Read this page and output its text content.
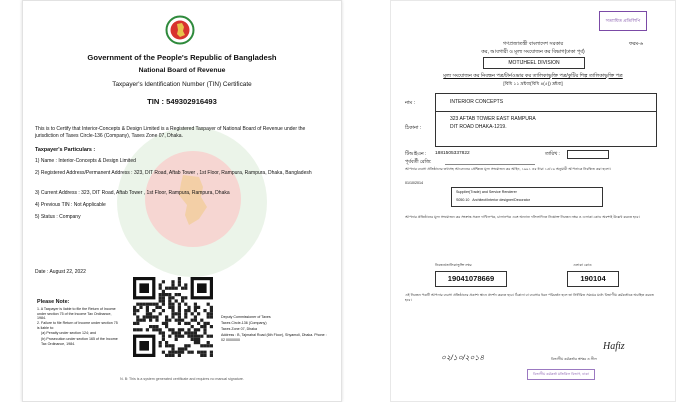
Government of the People's Republic of Bangladesh
National Board of Revenue
Taxpayer's Identification Number (TIN) Certificate
TIN : 549302916493
This is to Certify that Interior-Concepts & Design Limited is a Registered Taxpayer of National Board of Revenue under the jurisdiction of Taxes Circle-136 (Company), Taxes Zone 07, Dhaka.
Taxpayer's Particulars :
1) Name : Interior-Concepts & Design Limited
2) Registered Address/Permanent Address : 323, DIT Road, Aftab Tower , 1st Floor, Rampura, Rampura, Dhaka, Bangladesh
3) Current Address : 323, DIT Road, Aftab Tower , 1st Floor, Rampura, Rampura, Dhaka
4) Previous TIN : Not Applicable
5) Status : Company
Date : August 22, 2022
Please Note:
1. A Taxpayer is liable to file the Return of Income under section 75 of the Income Tax Ordinance, 1984.
2. Failure to file Return of Income under section 75 is liable to:
(a) Penalty under section 124; and
(b) Prosecution under section 165 of the Income Tax Ordinance, 1984.
Deputy Commissioner of Taxes
Taxes Circle-136 (Company)
Taxes Zone 07, Dhaka
Address : B, Tajmahal Road (6th Floor), Shyamoli, Dhaka. Phone : 02 0000000
N. B: This is a system generated certificate and requires no manual signature.
সত্যায়িত প্রতিলিপি
গণপ্রজাতন্ত্রী বাংলাদেশ সরকার	ফরম-৬
কর, আবগারী ও মূল্য সংযোজন কর বিভাগ(ঢাকা পূর্ব)
MOTIJHEEL DIVISION
মূল্য সংযোজন কর নিবন্ধন পত্র/টার্নওভার কর তালিকাভুক্তি পত্র/কুটির শিল্প তালিকাভুক্তি পত্র
[বিধি ১১ দ্রষ্টব্য(বিধি ৪(৫)) দ্রষ্টব্য]
নাম :	INTERIOR CONCEPTS
ঠিকানা :
323 AFTAB TOWER EAST RAMPURA
DIT ROAD DHAKA-1219.
টিআইএন : 1881505337822	তারিখ :
পূর্ববর্তী রেজি:
আপনার ব্যবসা প্রতিষ্ঠানের তথ্যসহ আবেদনের প্রেক্ষিতে মূল্য সংযোজন কর আইন, ১৯৯১ এর ধারা ১৫/১৬ অনুযায়ী আপনাকে নিবন্ধিত করা হলো।
01/10/2014
Supplier(Trade) and Service Renderer
S050.10 Architect/Interior designer/Decorator
আপনার প্রতিষ্ঠানের মূল্য সংযোজন কর সংক্রান্ত সকল দাখিলপত্র, চালানপত্র এবং অন্যান্য দলিলাদিতে নিম্নোক্ত নিবন্ধন নম্বর ও এলাকা কোড অবশ্যই উল্লেখ করতে হবে।
নিবন্ধন/তালিকাভুক্তি নম্বর	এলাকা কোড
19041078669	190104
এই নিবন্ধন পত্রটি আপনার ব্যবসা প্রতিষ্ঠানের প্রকাশ্য স্থানে প্রদর্শন করতে হবে। ঠিকানা বা ব্যবসার ধরন পরিবর্তন হলে তা নির্ধারিত সময়ের মধ্যে বিভাগীয় কর্মকর্তাকে অবহিত করতে হবে।
০২/১০/২০১৪
Hafiz
বিভাগীয় কর্মকর্তার স্বাক্ষর ও সীল
বিভাগীয় কর্মকর্তা মতিঝিল বিভাগ, ঢাকা
